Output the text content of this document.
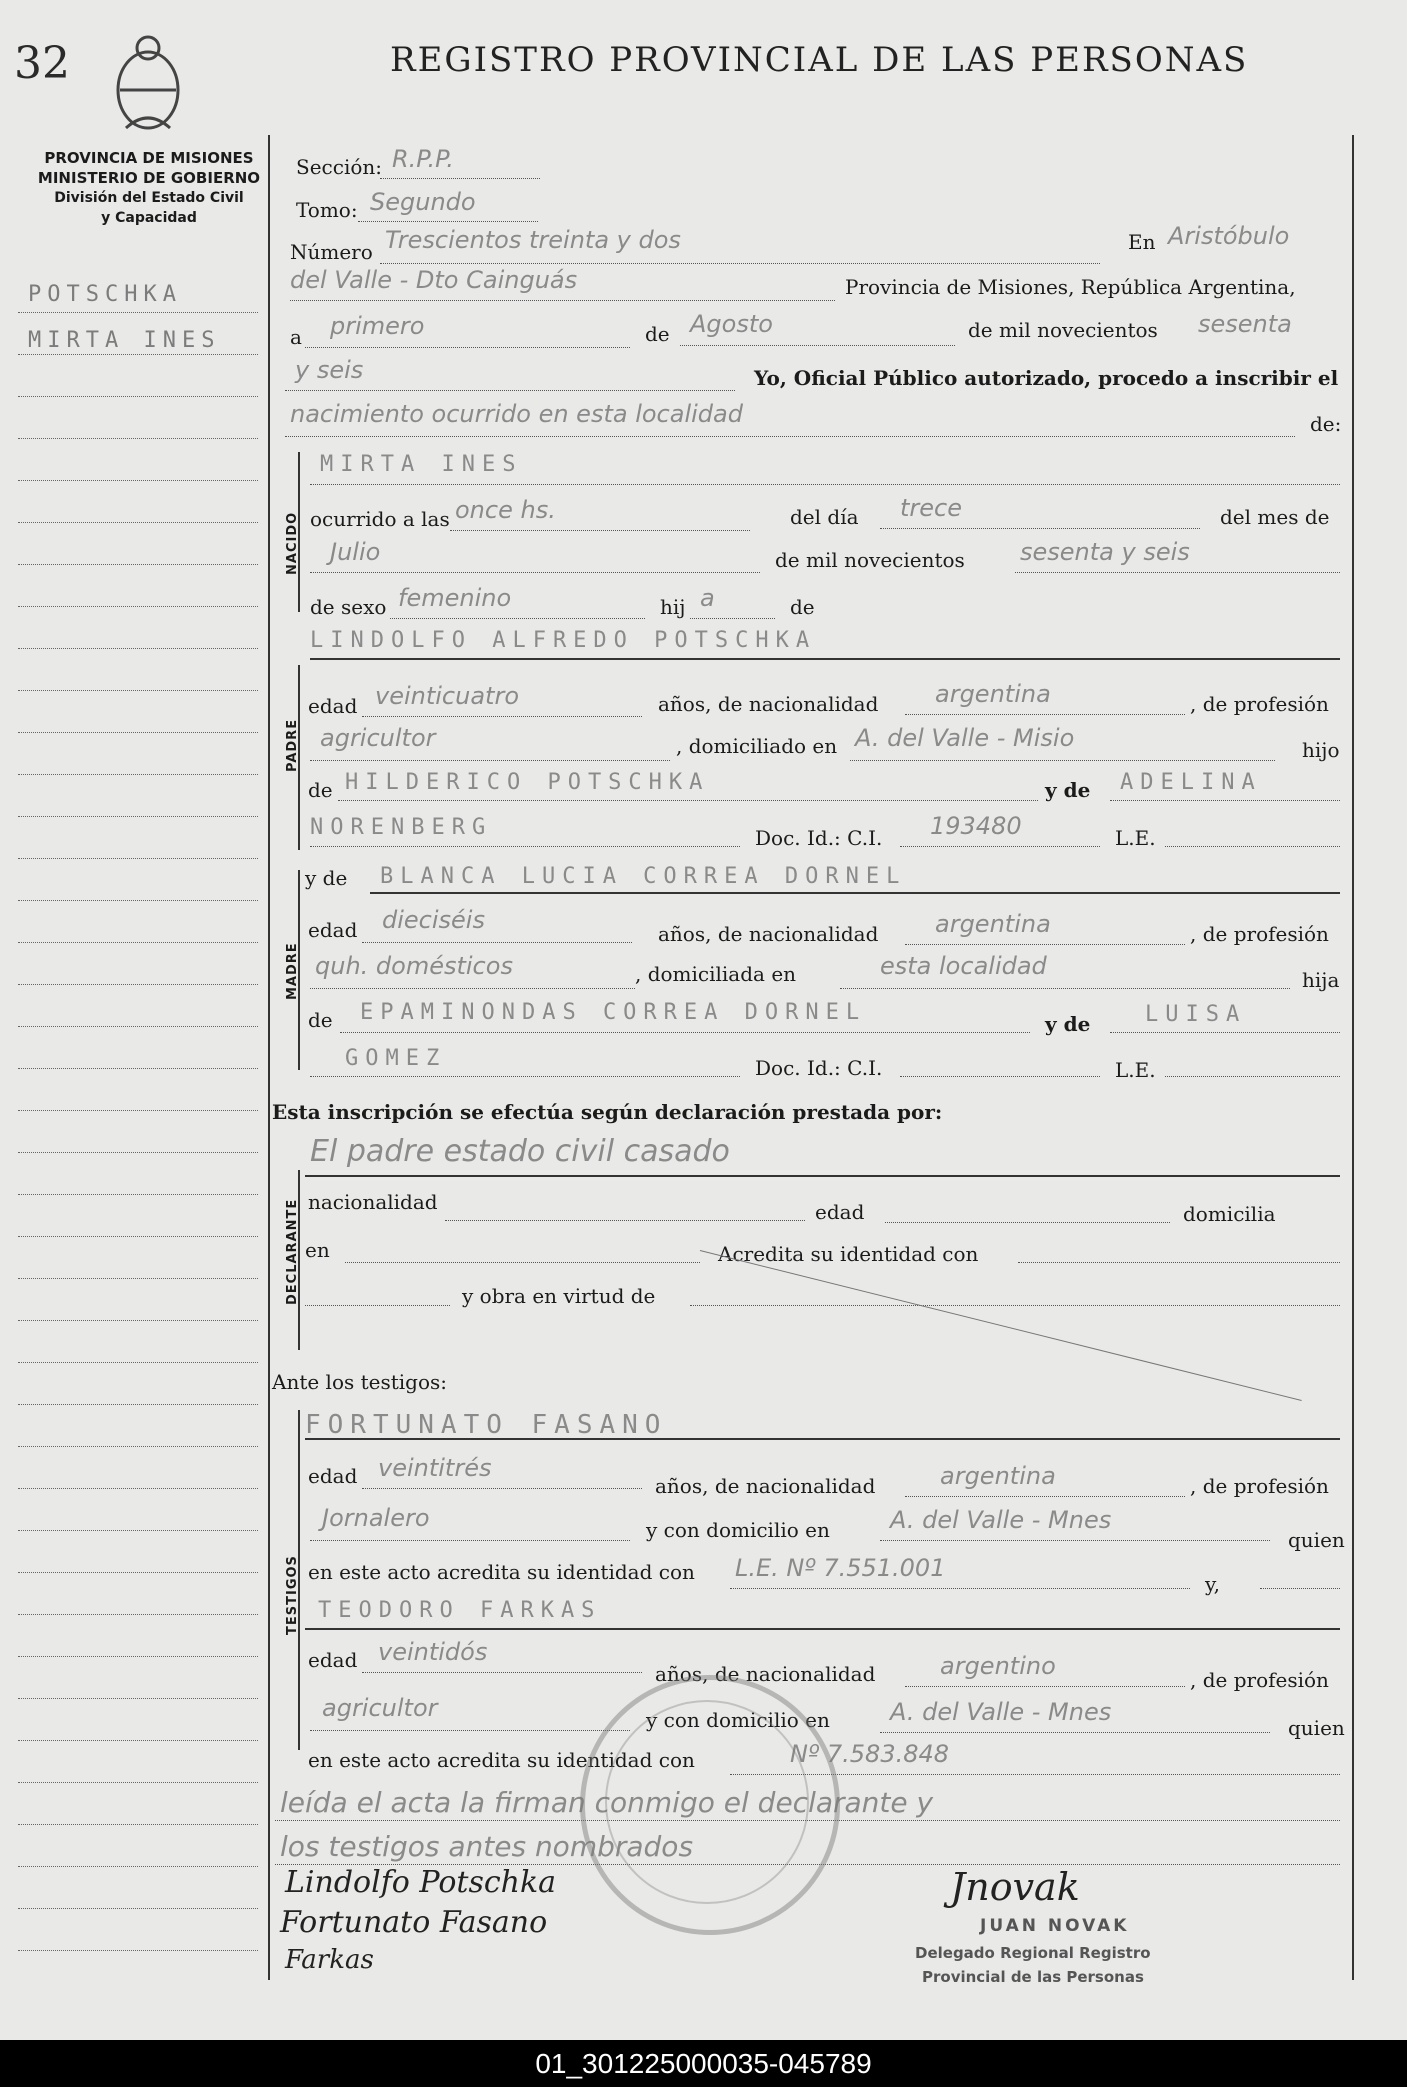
32	REGISTRO PROVINCIAL DE LAS PERSONAS
PROVINCIA DE MISIONES
MINISTERIO DE GOBIERNO
División del Estado Civil
y Capacidad
POTSCHKA
MIRTA INES
NACIDO
PADRE
MADRE
DECLARANTE
TESTIGOS
Sección: R.P.P.
Tomo: Segundo
Número Trescientos treinta y dos	En Aristóbulo
del Valle - Dto Cainguás	Provincia de Misiones, República Argentina,
a primero	de Agosto	de mil novecientos sesenta
y seis	Yo, Oficial Público autorizado, procedo a inscribir el
nacimiento ocurrido en esta localidad	de:
MIRTA INES
ocurrido a las once hs.	del día trece	del mes de
Julio	de mil novecientos sesenta y seis
de sexo femenino	hij a	de
LINDOLFO ALFREDO POTSCHKA
edad veinticuatro	años, de nacionalidad argentina	, de profesión
agricultor	, domiciliado en A. del Valle - Misio	hijo
de HILDERICO POTSCHKA	y de ADELINA
NORENBERG	Doc. Id.: C.I. 193480	L.E.
y de BLANCA LUCIA CORREA DORNEL
edad dieciséis	años, de nacionalidad argentina	, de profesión
quh. domésticos	, domiciliada en	esta localidad	hija
de EPAMINONDAS CORREA DORNEL	y de LUISA
GOMEZ	Doc. Id.: C.I.	L.E.
Esta inscripción se efectúa según declaración prestada por:
El padre estado civil casado
nacionalidad	edad	domicilia
en	Acredita su identidad con
y obra en virtud de
Ante los testigos:
FORTUNATO FASANO
edad veintitrés
años, de nacionalidad	argentina	, de profesión
Jornalero	y con domicilio en	A. del Valle - Mnes
quien
en este acto acredita su identidad con L.E. Nº 7.551.001
y,
TEODORO FARKAS
edad veintidós
años, de nacionalidad	argentino	, de profesión
agricultor	y con domicilio en	A. del Valle - Mnes
quien
en este acto acredita su identidad con	Nº 7.583.848
leída el acta la firman conmigo el declarante y
los testigos antes nombrados
Lindolfo Potschka
Fortunato Fasano
Farkas
Jnovak
JUAN NOVAK
Delegado Regional Registro
Provincial de las Personas
01_301225000035-045789
